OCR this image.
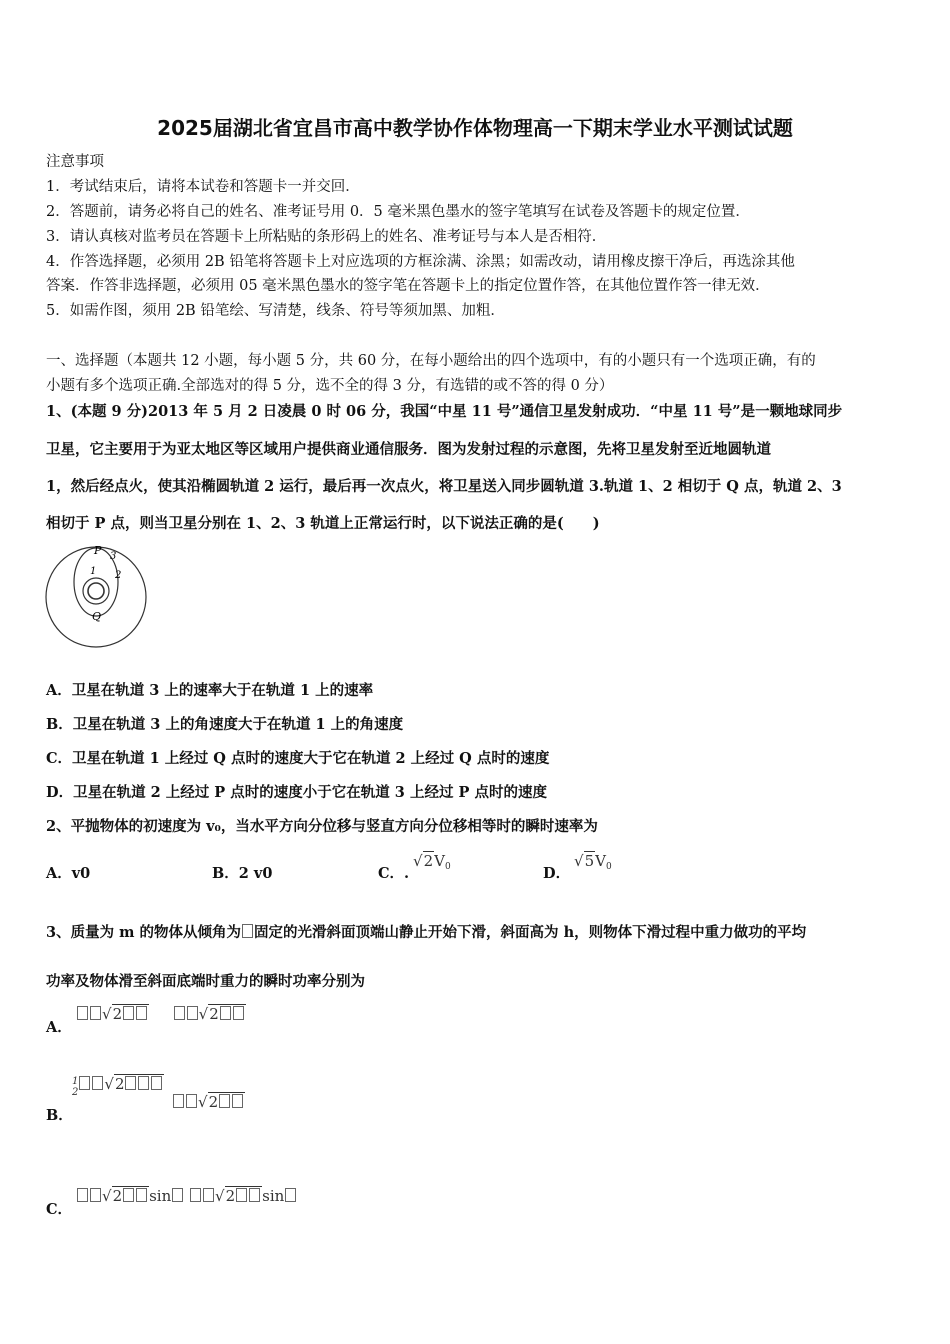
2025届湖北省宜昌市高中教学协作体物理高一下期末学业水平测试试题
注意事项
1．考试结束后，请将本试卷和答题卡一并交回．
2．答题前，请务必将自己的姓名、准考证号用 0．5 毫米黑色墨水的签字笔填写在试卷及答题卡的规定位置．
3．请认真核对监考员在答题卡上所粘贴的条形码上的姓名、准考证号与本人是否相符．
4．作答选择题，必须用 2B 铅笔将答题卡上对应选项的方框涂满、涂黑；如需改动，请用橡皮擦干净后，再选涂其他
答案．作答非选择题，必须用 05 毫米黑色墨水的签字笔在答题卡上的指定位置作答，在其他位置作答一律无效．
5．如需作图，须用 2B 铅笔绘、写清楚，线条、符号等须加黑、加粗．
一、选择题（本题共 12 小题，每小题 5 分，共 60 分，在每小题给出的四个选项中，有的小题只有一个选项正确，有的
小题有多个选项正确.全部选对的得 5 分，选不全的得 3 分，有选错的或不答的得 0 分）
1、(本题 9 分)2013 年 5 月 2 日凌晨 0 时 06 分，我国“中星 11 号”通信卫星发射成功．“中星 11 号”是一颗地球同步
卫星，它主要用于为亚太地区等区域用户提供商业通信服务．图为发射过程的示意图，先将卫星发射至近地圆轨道
1，然后经点火，使其沿椭圆轨道 2 运行，最后再一次点火，将卫星送入同步圆轨道 3.轨道 1、2 相切于 Q 点，轨道 2、3
相切于 P 点，则当卫星分别在 1、2、3 轨道上正常运行时，以下说法正确的是(　　)
P 3
1 2
Q
A．卫星在轨道 3 上的速率大于在轨道 1 上的速率
B．卫星在轨道 3 上的角速度大于在轨道 1 上的角速度
C．卫星在轨道 1 上经过 Q 点时的速度大于它在轨道 2 上经过 Q 点时的速度
D．卫星在轨道 2 上经过 P 点时的速度小于它在轨道 3 上经过 P 点时的速度
2、平抛物体的初速度为 v₀，当水平方向分位移与竖直方向分位移相等时的瞬时速率为
A．v0	B．2 v0	C．.
$√2V_0$	D．
$√5V_0$
3、质量为 m 的物体从倾角为 固定的光滑斜面顶端山静止开始下滑，斜面高为 h，则物体下滑过程中重力做功的平均
功率及物体滑至斜面底端时重力的瞬时功率分别为
A．
√2	√2
B．
1
2 √2
√2
C．
√2 sin	√2 sin
